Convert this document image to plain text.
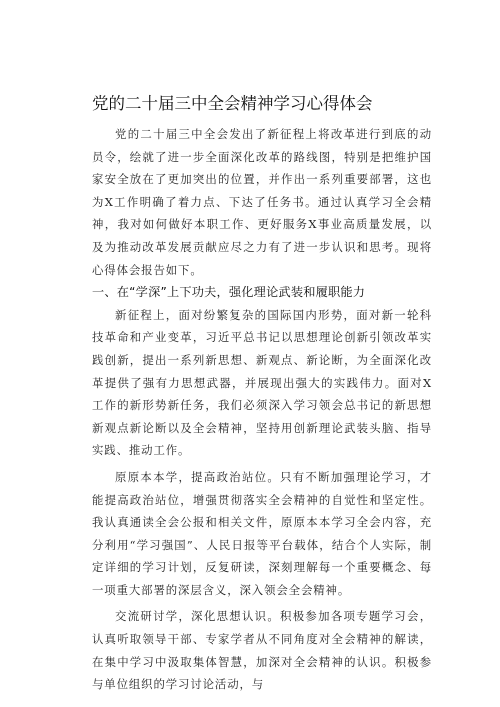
党的二十届三中全会精神学习心得体会

党的二十届三中全会发出了新征程上将改革进行到底的动员令，绘就了进一步全面深化改革的路线图，特别是把维护国家安全放在了更加突出的位置，并作出一系列重要部署，这也为X工作明确了着力点、下达了任务书。通过认真学习全会精神，我对如何做好本职工作、更好服务X事业高质量发展，以及为推动改革发展贡献应尽之力有了进一步认识和思考。现将心得体会报告如下。

一、在“学深”上下功夫，强化理论武装和履职能力

新征程上，面对纷繁复杂的国际国内形势，面对新一轮科技革命和产业变革，习近平总书记以思想理论创新引领改革实践创新，提出一系列新思想、新观点、新论断，为全面深化改革提供了强有力思想武器，并展现出强大的实践伟力。面对X工作的新形势新任务，我们必须深入学习领会总书记的新思想新观点新论断以及全会精神，坚持用创新理论武装头脑、指导实践、推动工作。

原原本本学，提高政治站位。只有不断加强理论学习，才能提高政治站位，增强贯彻落实全会精神的自觉性和坚定性。我认真通读全会公报和相关文件，原原本本学习全会内容，充分利用“学习强国”、人民日报等平台载体，结合个人实际，制定详细的学习计划，反复研读，深刻理解每一个重要概念、每一项重大部署的深层含义，深入领会全会精神。

交流研讨学，深化思想认识。积极参加各项专题学习会，认真听取领导干部、专家学者从不同角度对全会精神的解读，在集中学习中汲取集体智慧，加深对全会精神的认识。积极参与单位组织的学习讨论活动，与
